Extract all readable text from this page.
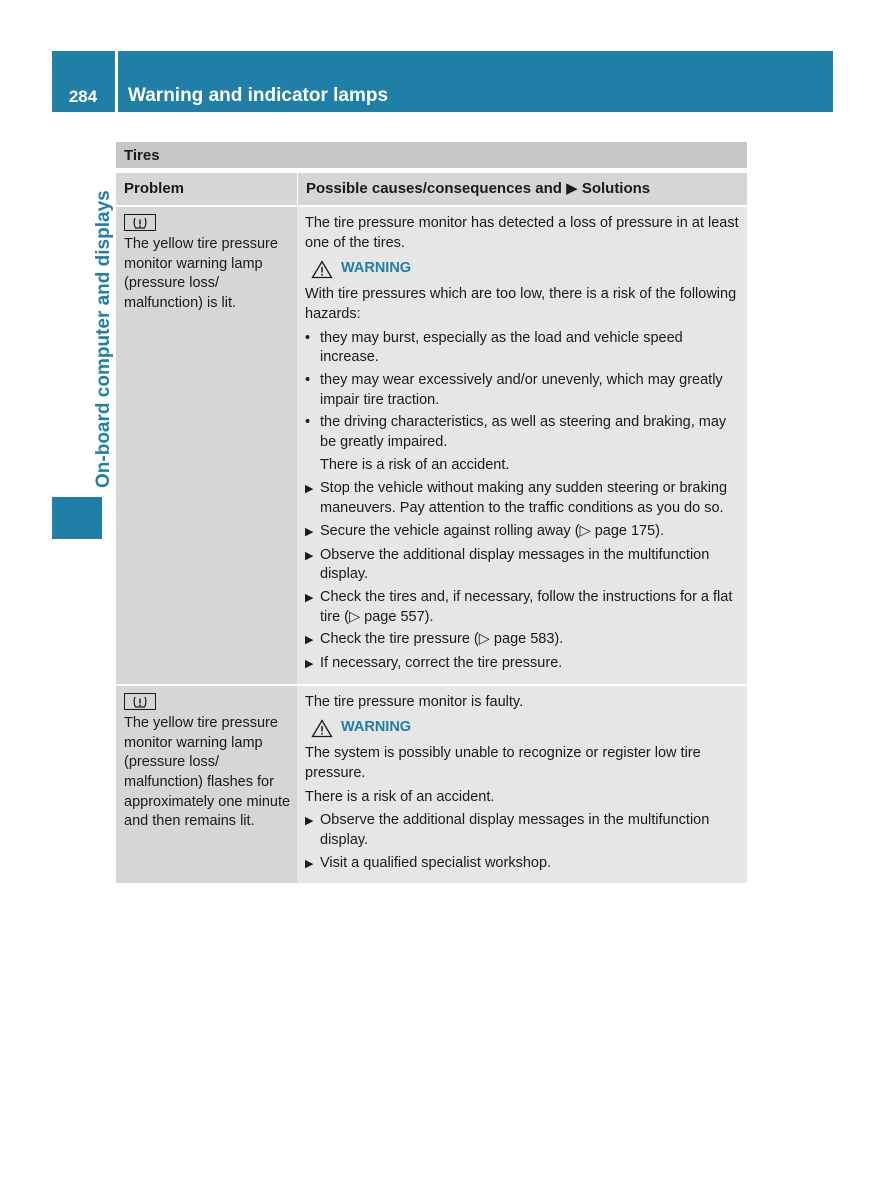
284	Warning and indicator lamps
On-board computer and displays
Tires
Problem	Possible causes/consequences and ▶ Solutions
The yellow tire pressure monitor warning lamp (pressure loss/ malfunction) is lit.

The tire pressure monitor has detected a loss of pressure in at least one of the tires.

WARNING

With tire pressures which are too low, there is a risk of the following hazards:

• they may burst, especially as the load and vehicle speed increase.
• they may wear excessively and/or unevenly, which may greatly impair tire traction.
• the driving characteristics, as well as steering and braking, may be greatly impaired.
There is a risk of an accident.
▶ Stop the vehicle without making any sudden steering or braking maneuvers. Pay attention to the traffic conditions as you do so.
▶ Secure the vehicle against rolling away (▷ page 175).
▶ Observe the additional display messages in the multifunction display.
▶ Check the tires and, if necessary, follow the instructions for a flat tire (▷ page 557).
▶ Check the tire pressure (▷ page 583).
▶ If necessary, correct the tire pressure.
The yellow tire pressure monitor warning lamp (pressure loss/ malfunction) flashes for approximately one minute and then remains lit.

The tire pressure monitor is faulty.

WARNING

The system is possibly unable to recognize or register low tire pressure.

There is a risk of an accident.

▶ Observe the additional display messages in the multifunction display.
▶ Visit a qualified specialist workshop.
